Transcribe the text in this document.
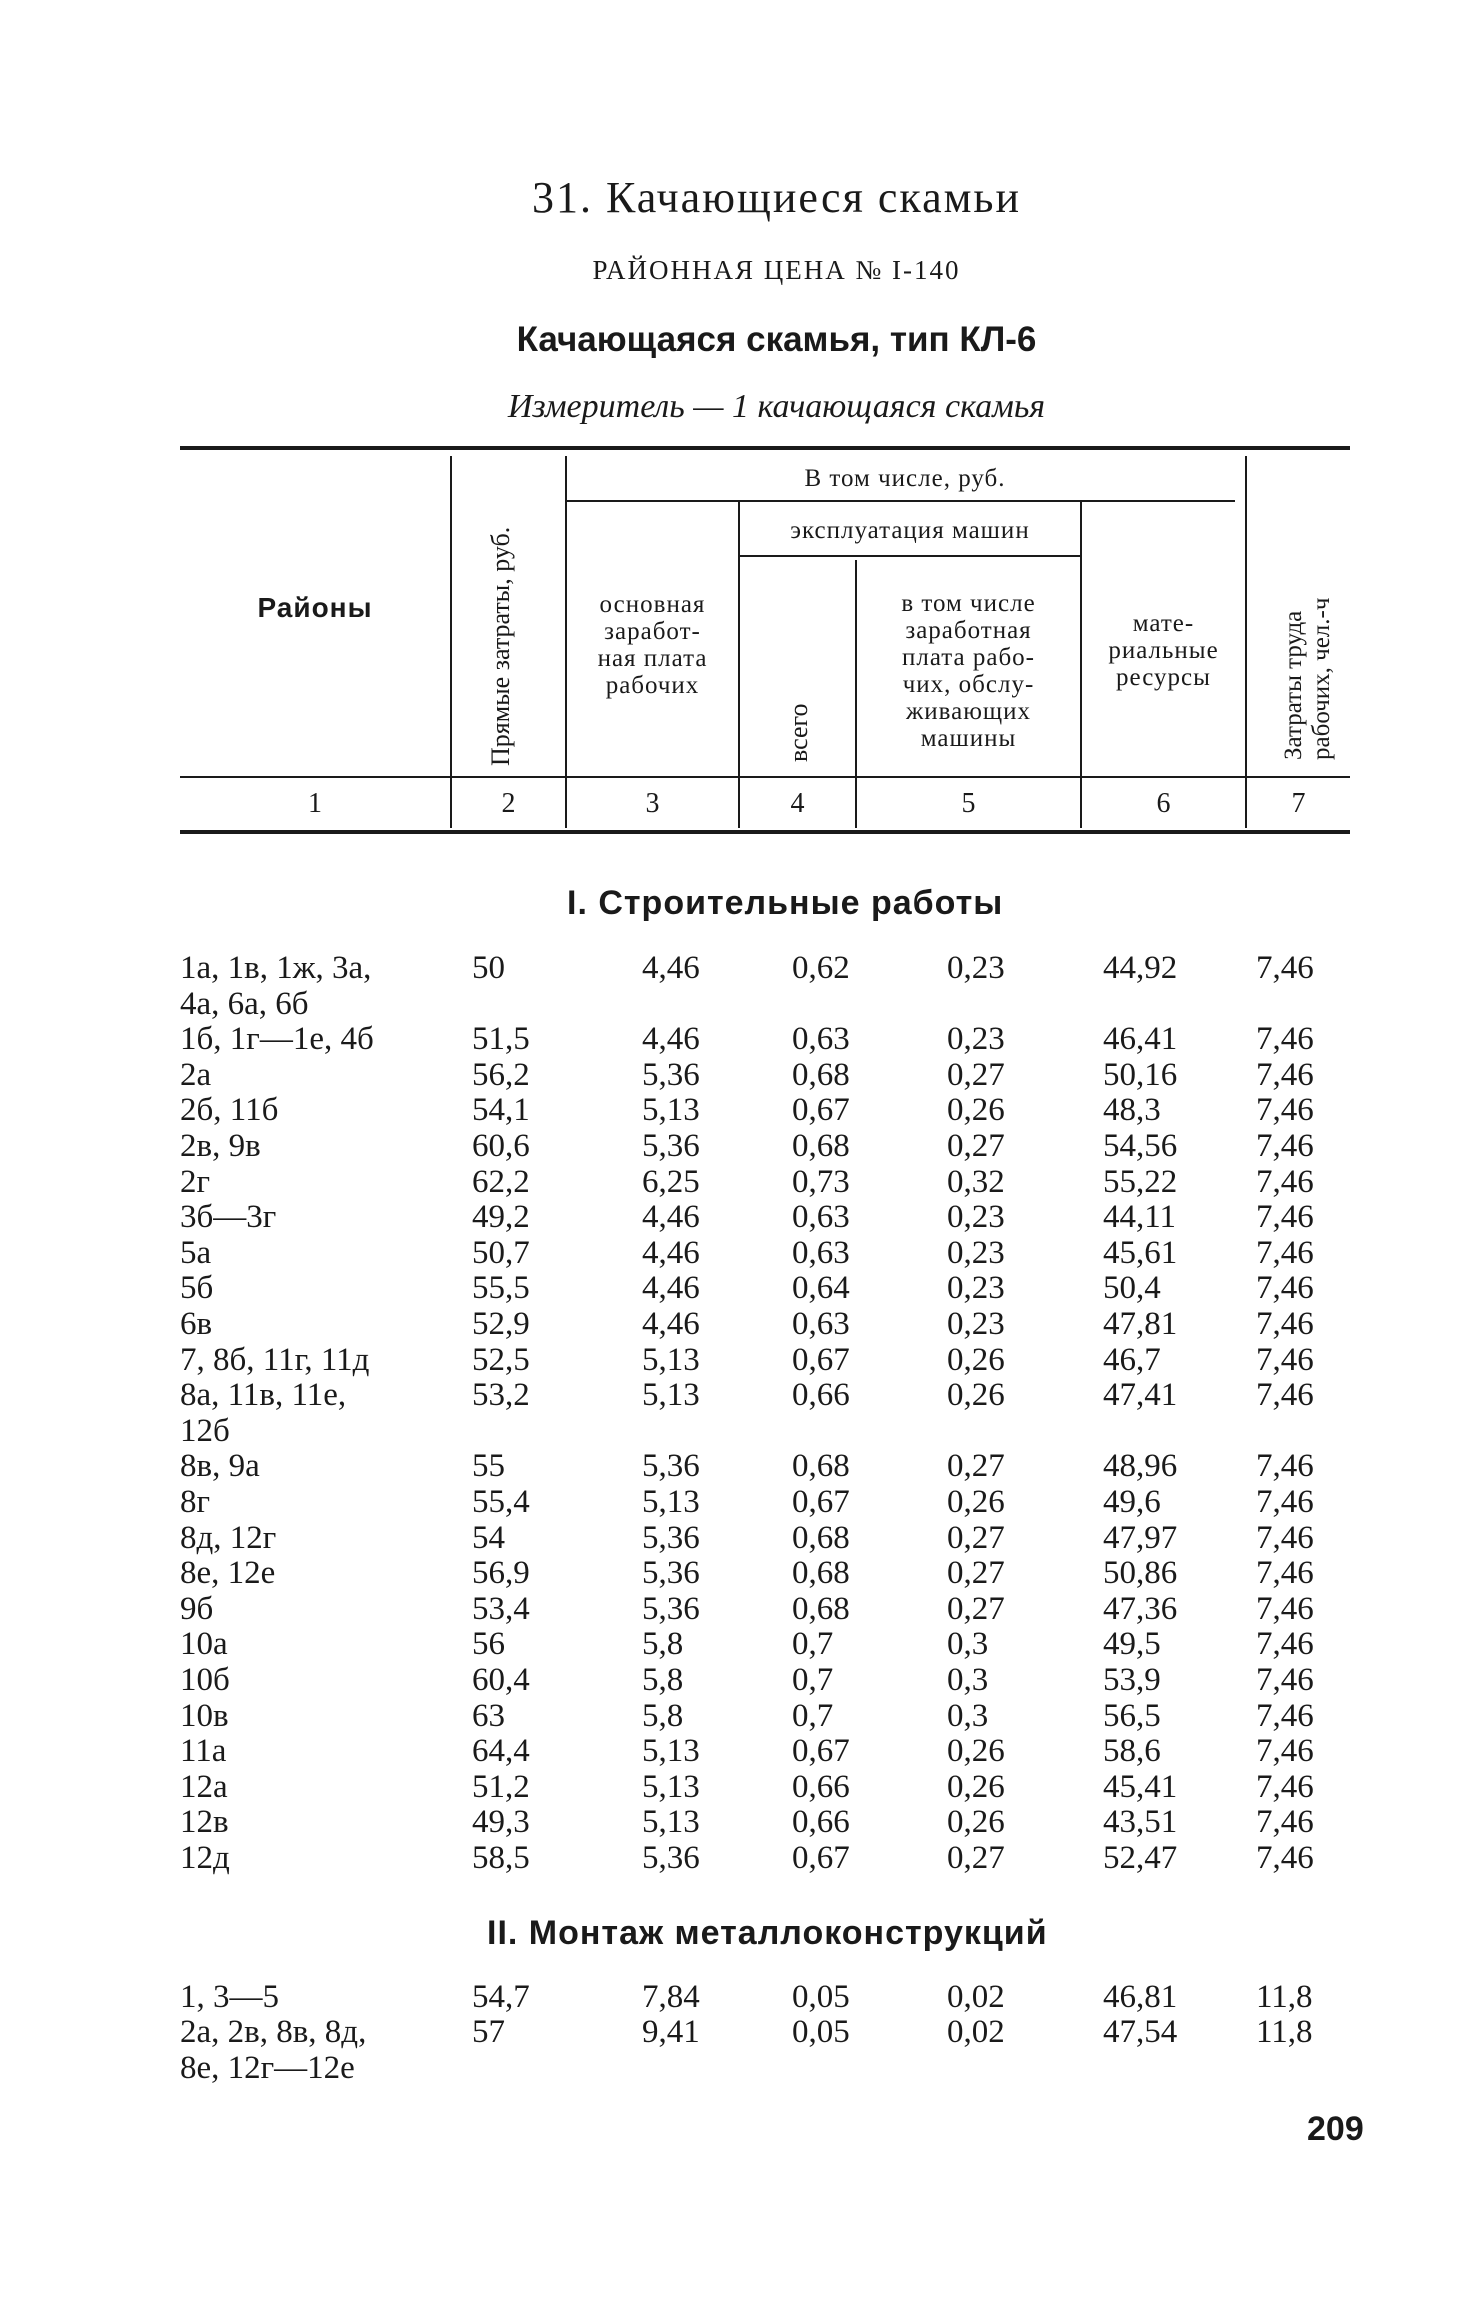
31. Качающиеся скамьи
РАЙОННАЯ ЦЕНА № I-140
Качающаяся скамья, тип КЛ-6
Измеритель — 1 качающаяся скамья
Районы	Прямые затраты, руб.
В том числе, руб.
основная заработ-
ная плата
рабочих
эксплуатация машин
всего
в том числе
заработная
плата рабо-
чих, обслу-
живающих
машины
мате-
риальные
ресурсы	Затраты труда рабочих, чел.-ч
1	2	3	4	5	6	7
I. Строительные работы
1а, 1в, 1ж, 3а,	50	4,46	0,62	0,23	44,92 7,46
4а, 6а, 6б
1б, 1г—1е, 4б	51,5	4,46	0,63	0,23	46,41 7,46
2а	56,2	5,36	0,68	0,27	50,16 7,46
2б, 11б	54,1	5,13	0,67	0,26	48,3	7,46
2в, 9в	60,6	5,36	0,68	0,27	54,56 7,46
2г	62,2	6,25	0,73	0,32	55,22 7,46
3б—3г	49,2	4,46	0,63	0,23	44,11 7,46
5а	50,7	4,46	0,63	0,23	45,61 7,46
5б	55,5	4,46	0,64	0,23	50,4	7,46
6в	52,9	4,46	0,63	0,23	47,81 7,46
7, 8б, 11г, 11д	52,5	5,13	0,67	0,26	46,7	7,46
8а, 11в, 11е,	53,2	5,13	0,66	0,26	47,41 7,46
12б
8в, 9а	55	5,36	0,68	0,27	48,96 7,46
8г	55,4	5,13	0,67	0,26	49,6	7,46
8д, 12г	54	5,36	0,68	0,27	47,97 7,46
8е, 12е	56,9	5,36	0,68	0,27	50,86 7,46
9б	53,4	5,36	0,68	0,27	47,36 7,46
10а	56	5,8	0,7	0,3	49,5	7,46
10б	60,4	5,8	0,7	0,3	53,9	7,46
10в	63	5,8	0,7	0,3	56,5	7,46
11а	64,4	5,13	0,67	0,26	58,6	7,46
12а	51,2	5,13	0,66	0,26	45,41 7,46
12в	49,3	5,13	0,66	0,26	43,51 7,46
12д	58,5	5,36	0,67	0,27	52,47 7,46
II. Монтаж металлоконструкций
1, 3—5	54,7	7,84	0,05	0,02	46,81 11,8
2а, 2в, 8в, 8д,	57	9,41	0,05	0,02	47,54 11,8
8е, 12г—12е
209
